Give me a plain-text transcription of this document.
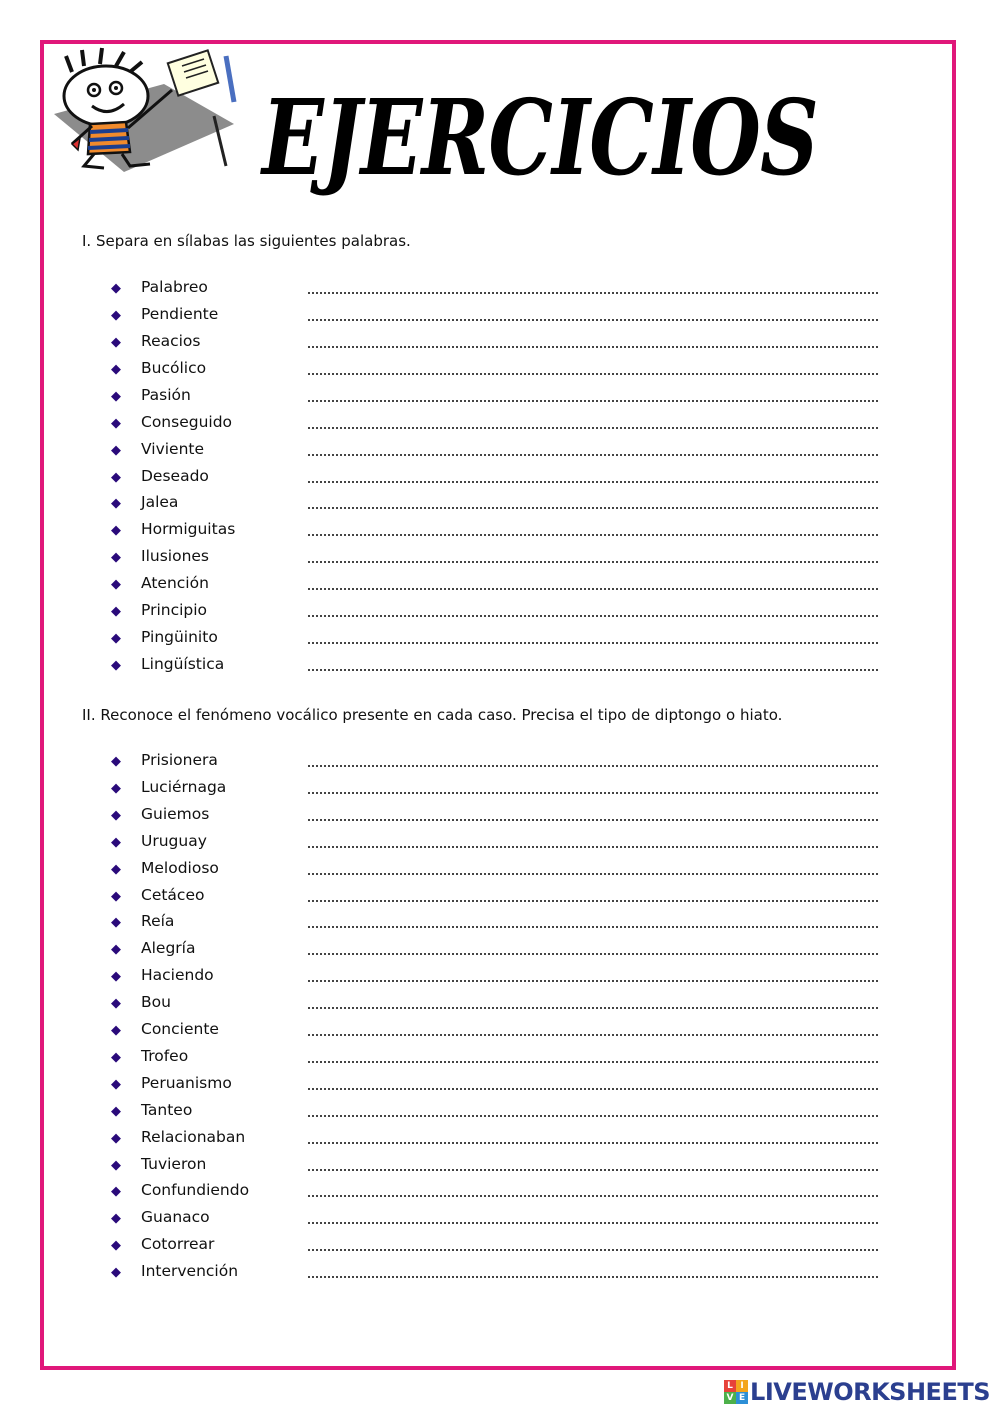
EJERCICIOS

I. Separa en sílabas las siguientes palabras.

◆ Palabreo
◆ Pendiente
◆ Reacios
◆ Bucólico
◆ Pasión
◆ Conseguido
◆ Viviente
◆ Deseado
◆ Jalea
◆ Hormiguitas
◆ Ilusiones
◆ Atención
◆ Principio
◆ Pingüinito
◆ Lingüística

II. Reconoce el fenómeno vocálico presente en cada caso. Precisa el tipo de diptongo o hiato.

◆ Prisionera
◆ Luciérnaga
◆ Guiemos
◆ Uruguay
◆ Melodioso
◆ Cetáceo
◆ Reía
◆ Alegría
◆ Haciendo
◆ Bou
◆ Conciente
◆ Trofeo
◆ Peruanismo
◆ Tanteo
◆ Relacionaban
◆ Tuvieron
◆ Confundiendo
◆ Guanaco
◆ Cotorrear
◆ Intervención
L I
V E LIVEWORKSHEETS
